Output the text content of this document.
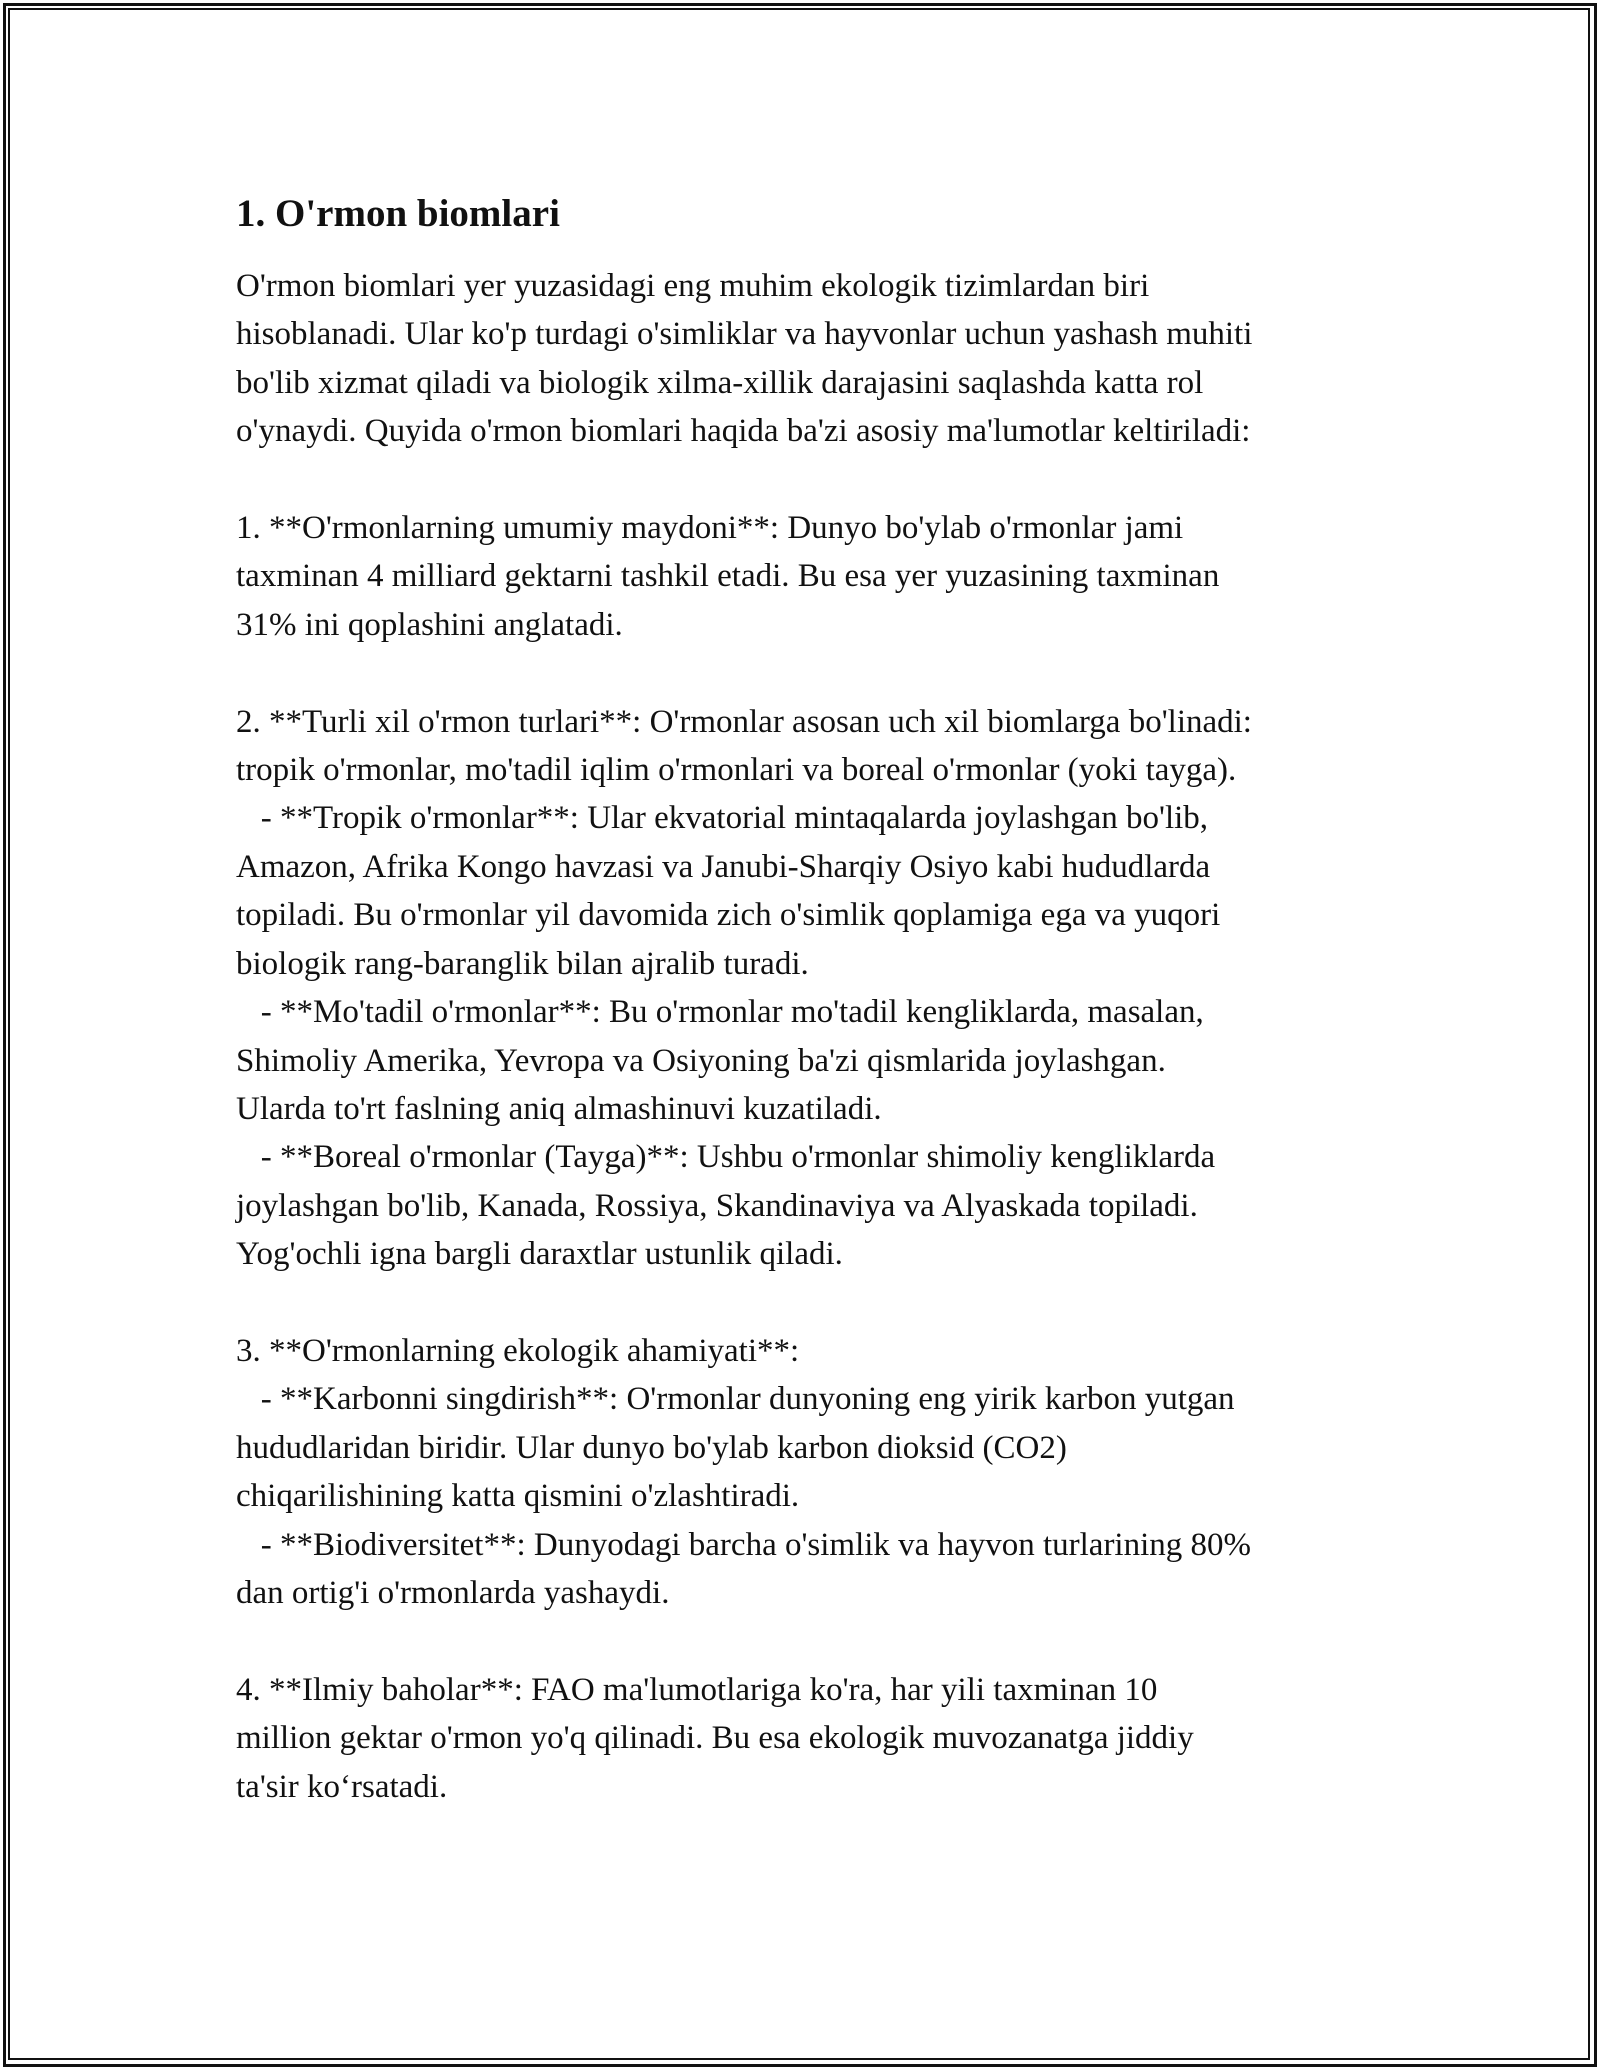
1. O'rmon biomlari

O'rmon biomlari yer yuzasidagi eng muhim ekologik tizimlardan biri
hisoblanadi. Ular ko'p turdagi o'simliklar va hayvonlar uchun yashash muhiti
bo'lib xizmat qiladi va biologik xilma-xillik darajasini saqlashda katta rol
o'ynaydi. Quyida o'rmon biomlari haqida ba'zi asosiy ma'lumotlar keltiriladi:

1. **O'rmonlarning umumiy maydoni**: Dunyo bo'ylab o'rmonlar jami
taxminan 4 milliard gektarni tashkil etadi. Bu esa yer yuzasining taxminan
31% ini qoplashini anglatadi.

2. **Turli xil o'rmon turlari**: O'rmonlar asosan uch xil biomlarga bo'linadi:
tropik o'rmonlar, mo'tadil iqlim o'rmonlari va boreal o'rmonlar (yoki tayga).
- **Tropik o'rmonlar**: Ular ekvatorial mintaqalarda joylashgan bo'lib,
Amazon, Afrika Kongo havzasi va Janubi-Sharqiy Osiyo kabi hududlarda
topiladi. Bu o'rmonlar yil davomida zich o'simlik qoplamiga ega va yuqori
biologik rang-baranglik bilan ajralib turadi.
- **Mo'tadil o'rmonlar**: Bu o'rmonlar mo'tadil kengliklarda, masalan,
Shimoliy Amerika, Yevropa va Osiyoning ba'zi qismlarida joylashgan.
Ularda to'rt faslning aniq almashinuvi kuzatiladi.
- **Boreal o'rmonlar (Tayga)**: Ushbu o'rmonlar shimoliy kengliklarda
joylashgan bo'lib, Kanada, Rossiya, Skandinaviya va Alyaskada topiladi.
Yog'ochli igna bargli daraxtlar ustunlik qiladi.

3. **O'rmonlarning ekologik ahamiyati**:
- **Karbonni singdirish**: O'rmonlar dunyoning eng yirik karbon yutgan
hududlaridan biridir. Ular dunyo bo'ylab karbon dioksid (CO2)
chiqarilishining katta qismini o'zlashtiradi.
- **Biodiversitet**: Dunyodagi barcha o'simlik va hayvon turlarining 80%
dan ortig'i o'rmonlarda yashaydi.

4. **Ilmiy baholar**: FAO ma'lumotlariga ko'ra, har yili taxminan 10
million gektar o'rmon yo'q qilinadi. Bu esa ekologik muvozanatga jiddiy
ta'sir ko‘rsatadi.
